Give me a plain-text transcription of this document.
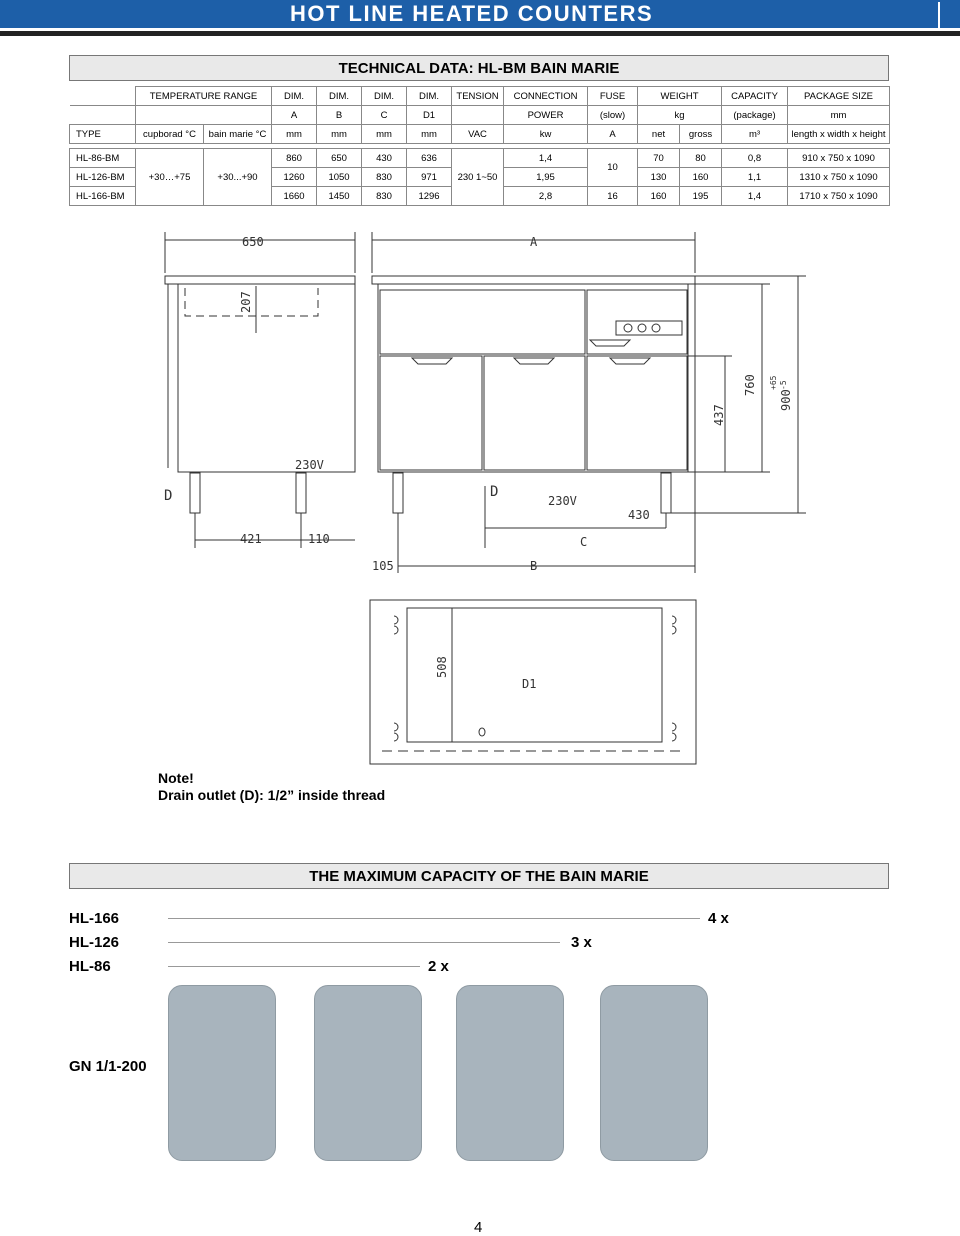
HOT LINE HEATED COUNTERS
TECHNICAL DATA: HL-BM BAIN MARIE
	TEMPERATURE RANGE		DIM.	DIM.	DIM.	DIM.	TENSION	CONNECTION	FUSE	WEIGHT		CAPACITY	PACKAGE SIZE
			A	B	C	D1		POWER	(slow)	kg		(package)	mm
TYPE	cupborad °C	bain marie °C	mm	mm	mm	mm	VAC	kw	A	net	gross	m³	length x width x height

HL-86-BM	+30…+75	+30...+90	860	650	430	636	230 1~50	1,4	10	70	80	0,8	910 x 750 x 1090
HL-126-BM			1260	1050	830	971		1,95		130	160	1,1	1310 x 750 x 1090
HL-166-BM			1660	1450	830	1296		2,8	16	160	195	1,4	1710 x 750 x 1090
650	A
207
D
421	110
230V
D
230V
430
C
105	B
437
760
900
+65 -5
508
D1
Note!
Drain outlet (D): 1/2” inside thread
THE MAXIMUM CAPACITY OF THE BAIN MARIE
HL-166	4 x
HL-126	3 x
HL-86	2 x
GN 1/1-200
4
